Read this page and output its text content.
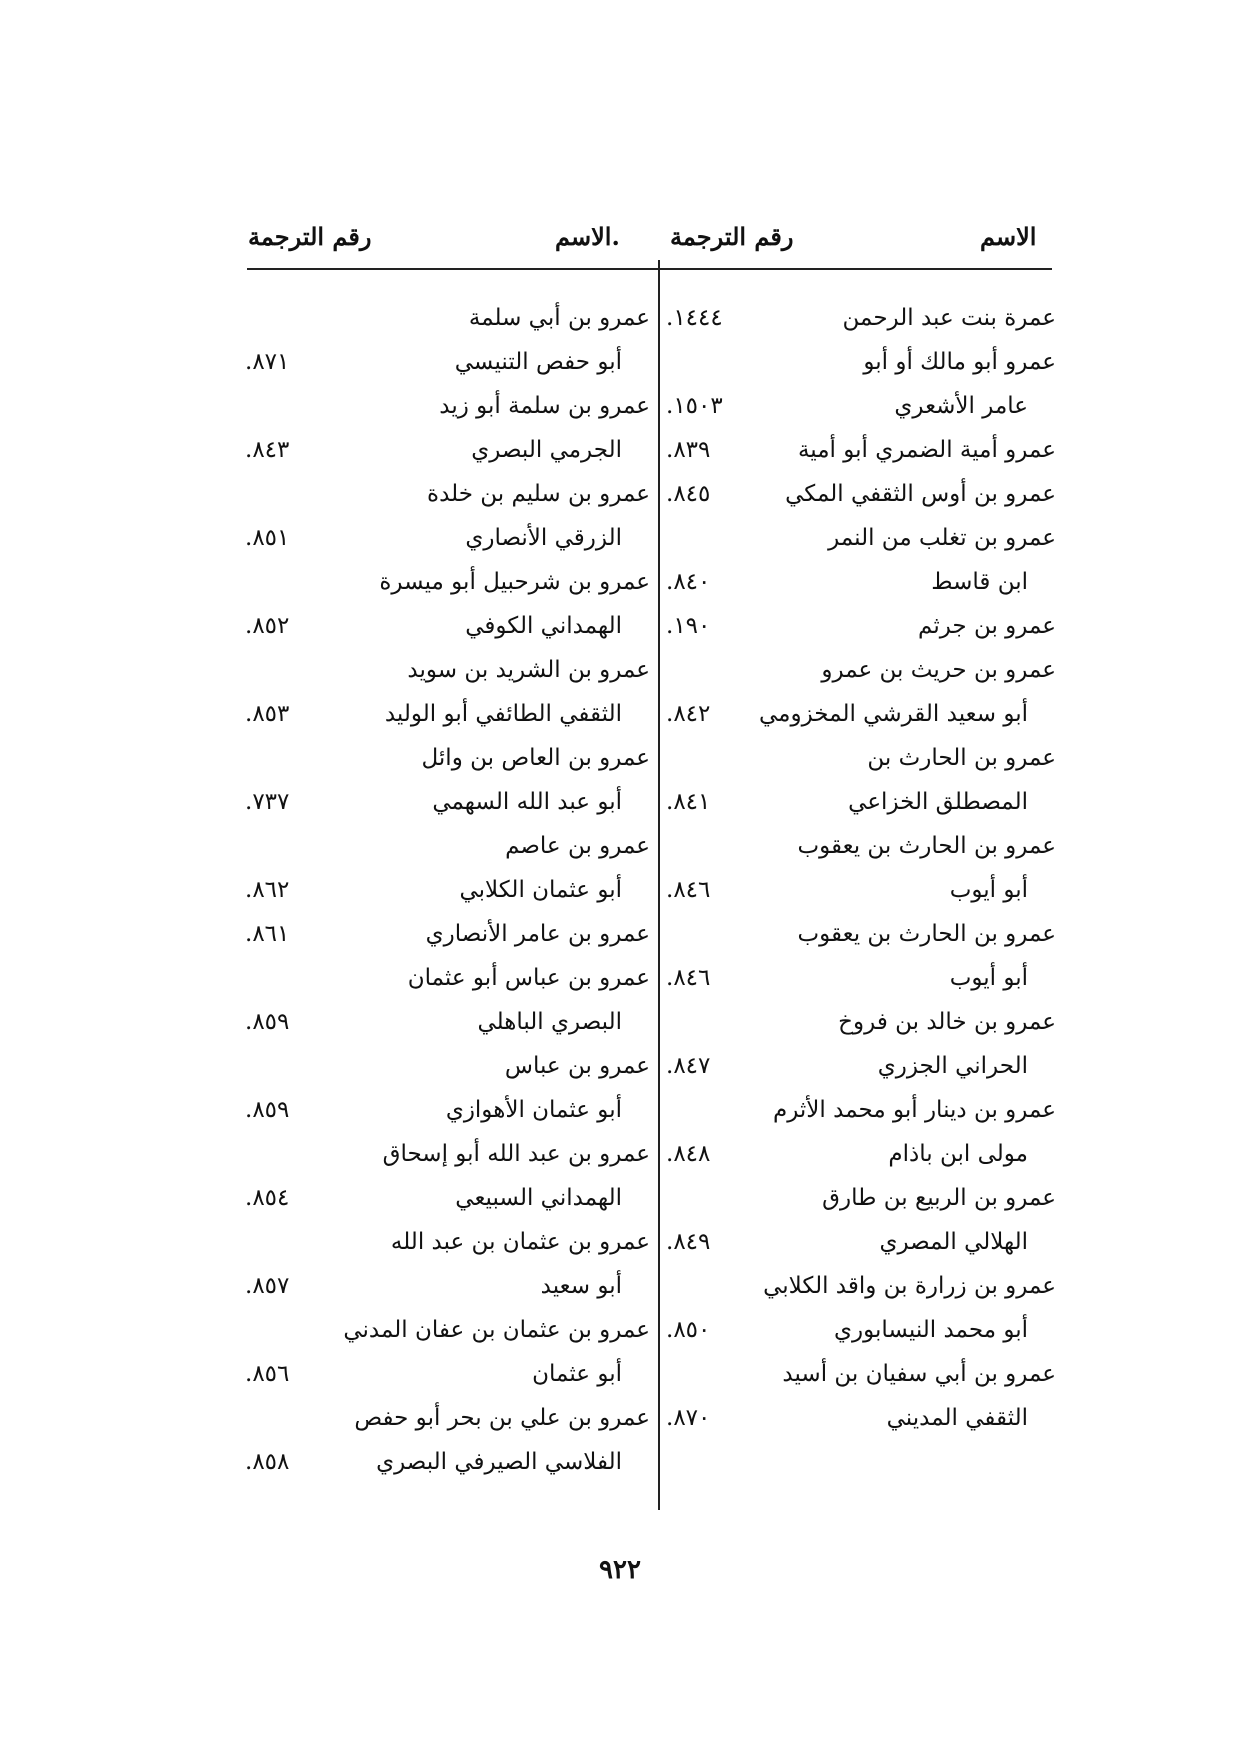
الاسم
رقم الترجمة
.الاسم
رقم الترجمة
عمرة بنت عبد الرحمن
١٤٤٤.
عمرو أبو مالك أو أبو
عامر الأشعري
١٥٠٣.
عمرو أمية الضمري أبو أمية
٨٣٩.
عمرو بن أوس الثقفي المكي
٨٤٥.
عمرو بن تغلب من النمر
ابن قاسط
٨٤٠.
عمرو بن جرثم
١٩٠.
عمرو بن حريث بن عمرو
أبو سعيد القرشي المخزومي
٨٤٢.
عمرو بن الحارث بن
المصطلق الخزاعي
٨٤١.
عمرو بن الحارث بن يعقوب
أبو أيوب
٨٤٦.
عمرو بن الحارث بن يعقوب
أبو أيوب
٨٤٦.
عمرو بن خالد بن فروخ
الحراني الجزري
٨٤٧.
عمرو بن دينار أبو محمد الأثرم
مولى ابن باذام
٨٤٨.
عمرو بن الربيع بن طارق
الهلالي المصري
٨٤٩.
عمرو بن زرارة بن واقد الكلابي
أبو محمد النيسابوري
٨٥٠.
عمرو بن أبي سفيان بن أسيد
الثقفي المديني
٨٧٠.
عمرو بن أبي سلمة
أبو حفص التنيسي
٨٧١.
عمرو بن سلمة أبو زيد
الجرمي البصري
٨٤٣.
عمرو بن سليم بن خلدة
الزرقي الأنصاري
٨٥١.
عمرو بن شرحبيل أبو ميسرة
الهمداني الكوفي
٨٥٢.
عمرو بن الشريد بن سويد
الثقفي الطائفي أبو الوليد
٨٥٣.
عمرو بن العاص بن وائل
أبو عبد الله السهمي
٧٣٧.
عمرو بن عاصم
أبو عثمان الكلابي
٨٦٢.
عمرو بن عامر الأنصاري
٨٦١.
عمرو بن عباس أبو عثمان
البصري الباهلي
٨٥٩.
عمرو بن عباس
أبو عثمان الأهوازي
٨٥٩.
عمرو بن عبد الله أبو إسحاق
الهمداني السبيعي
٨٥٤.
عمرو بن عثمان بن عبد الله
أبو سعيد
٨٥٧.
عمرو بن عثمان بن عفان المدني
أبو عثمان
٨٥٦.
عمرو بن علي بن بحر أبو حفص
الفلاسي الصيرفي البصري
٨٥٨.
٩٢٢
